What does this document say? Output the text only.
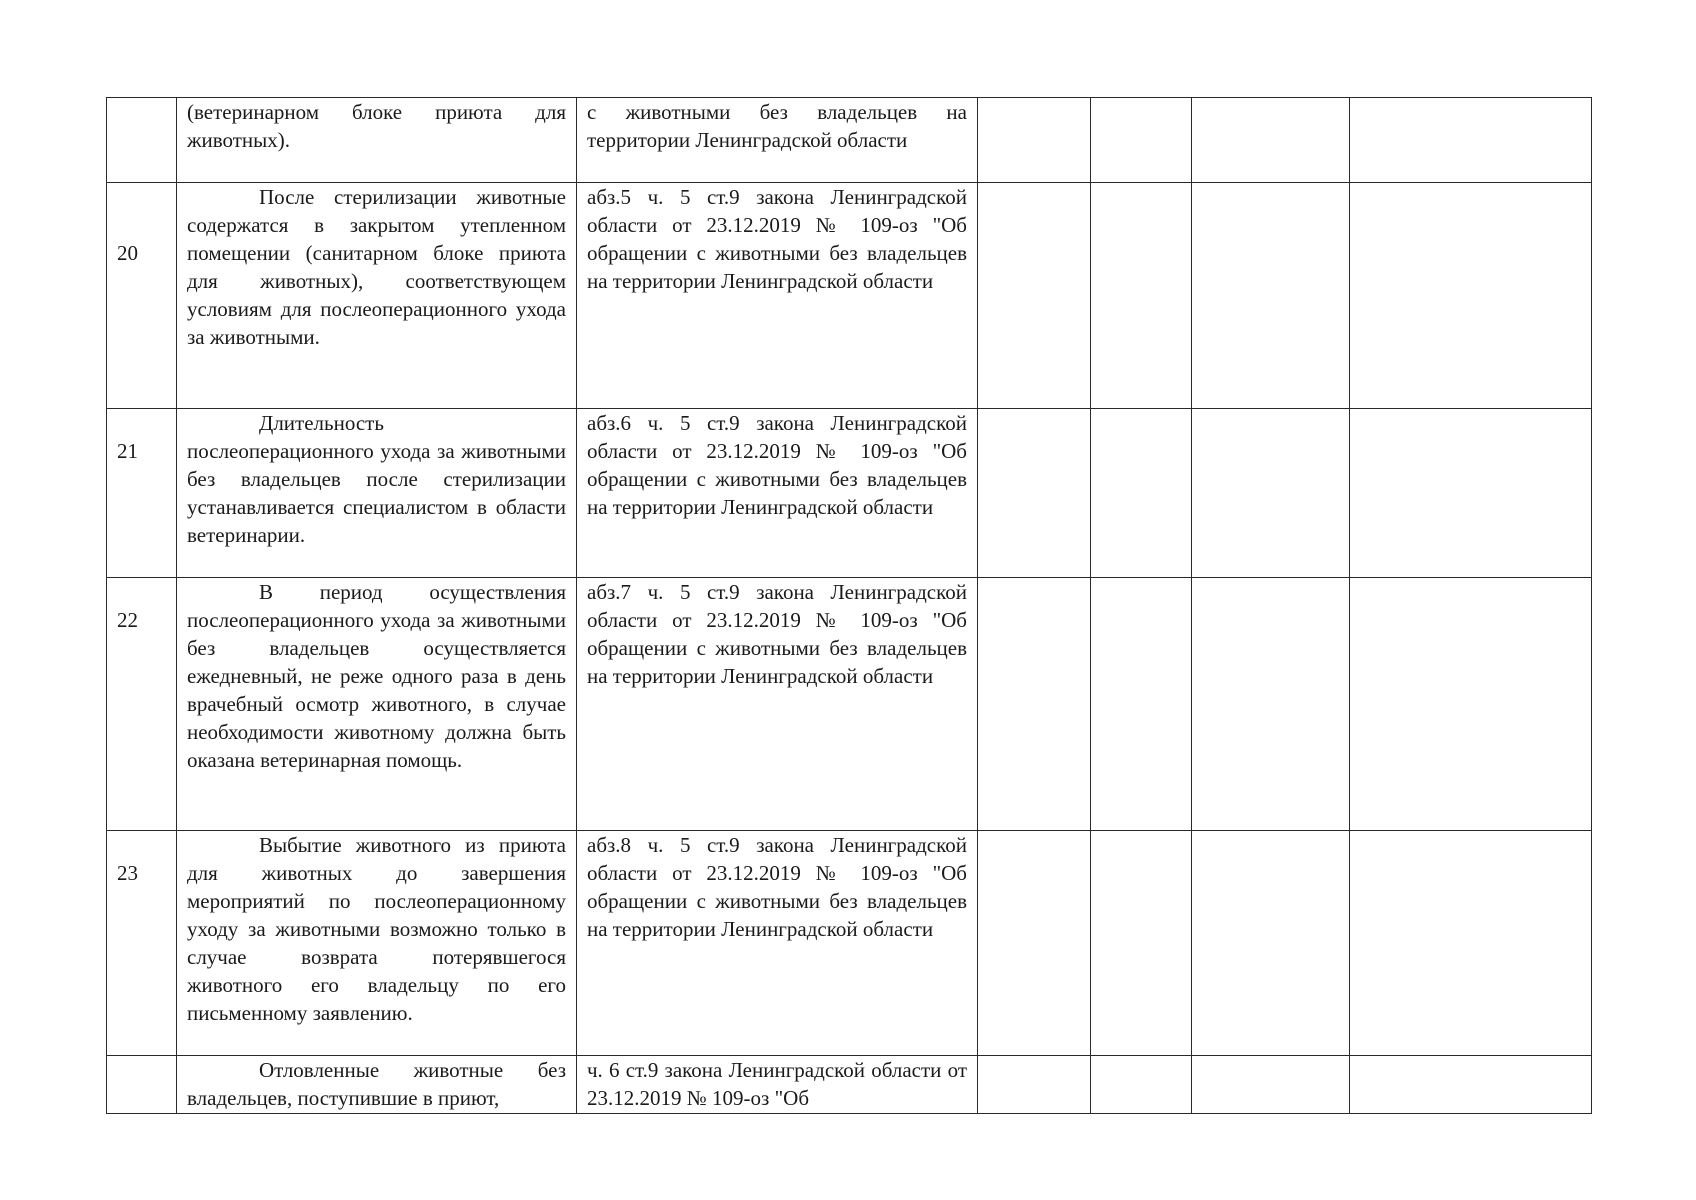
	(ветеринарном блоке приюта для животных).	с животными без владельцев на территории Ленинградской области				

20	После стерилизации животные содержатся в закрытом утепленном помещении (санитарном блоке приюта для животных), соответствующем условиям для послеоперационного ухода за животными.	абз.5 ч. 5 ст.9 закона Ленинградской области от 23.12.2019 № 109-оз "Об обращении с животными без владельцев на территории Ленинградской области				

21	Длительность послеоперационного ухода за животными без владельцев после стерилизации устанавливается специалистом в области ветеринарии.	абз.6 ч. 5 ст.9 закона Ленинградской области от 23.12.2019 № 109-оз "Об обращении с животными без владельцев на территории Ленинградской области				

22	В период осуществления послеоперационного ухода за животными без владельцев осуществляется ежедневный, не реже одного раза в день врачебный осмотр животного, в случае необходимости животному должна быть оказана ветеринарная помощь.	абз.7 ч. 5 ст.9 закона Ленинградской области от 23.12.2019 № 109-оз "Об обращении с животными без владельцев на территории Ленинградской области				

23	Выбытие животного из приюта для животных до завершения мероприятий по послеоперационному уходу за животными возможно только в случае возврата потерявшегося животного его владельцу по его письменному заявлению.	абз.8 ч. 5 ст.9 закона Ленинградской области от 23.12.2019 № 109-оз "Об обращении с животными без владельцев на территории Ленинградской области				

	Отловленные животные без владельцев, поступившие в приют,	ч. 6 ст.9 закона Ленинградской области от 23.12.2019 № 109-оз "Об				
